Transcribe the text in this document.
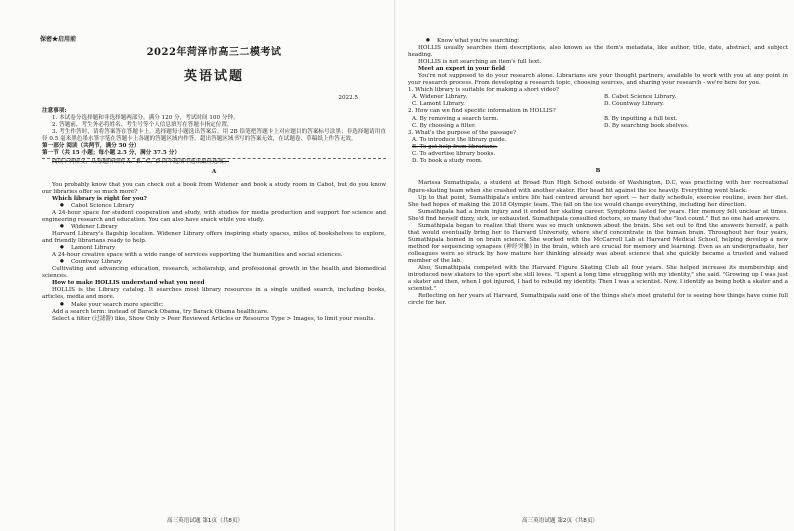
保密★启用前

2022年菏泽市高三二模考试

英语试题

2022.5

注意事项:

1. 本试卷分选择题和非选择题两部分。满分 120 分，考试时间 100 分钟。

2. 答题前，考生务必将姓名、考生号等个人信息填写在答题卡指定位置。

3. 考生作答时，请将答案答在答题卡上。选择题每小题选出答案后，用 2B 铅笔把答题卡上对应题目的答案标号涂黑；非选择题请用直径 0.5 毫米黑色墨水签字笔在答题卡上各题的答题区域内作答。超出答题区域书写的答案无效，在试题卷、草稿纸上作答无效。

第一部分 阅读（共两节，满分 50 分）

第一节（共 15 小题；每小题 2.5 分，满分 37.5 分）

阅读下列短文，从每题所给的 A、B、C、D 四个选项中选出最佳选项。

A

You probably know that you can check out a book from Widener and book a study room in Cabot, but do you know our libraries offer so much more?

Which library is right for you?

● Cabot Science Library

A 24-hour space for student cooperation and study, with studios for media production and support for science and engineering research and education. You can also have snack while you study.

● Widener Library

Harvard Library's flagship location. Widener Library offers inspiring study spaces, miles of bookshelves to explore, and friendly librarians ready to help.

● Lamont Library

A 24-hour creative space with a wide range of services supporting the humanities and social sciences.

● Countway Library

Cultivating and advancing education, research, scholarship, and professional growth in the health and biomedical sciences.

How to make HOLLIS understand what you need

HOLLIS is the Library catalog. It searches most library resources in a single unified search, including books, articles, media and more.

● Make your search more specific:

Add a search term: instead of Barack Obama, try Barack Obama healthcare.

Select a filter (过滤器) like, Show Only > Peer Reviewed Articles or Resource Type > Images, to limit your results.

高三英语试题 第1页（共8页）

● Know what you're searching:

HOLLIS usually searches item descriptions, also known as the item's metadata, like author, title, date, abstract, and subject heading.

HOLLIS is not searching an item's full text.

Meet an expert in your field

You're not supposed to do your research alone. Librarians are your thought partners, available to work with you at any point in your research process. From developing a research topic, choosing sources, and sharing your research - we're here for you.

1. Which library is suitable for making a short video?

A. Widener Library.	B. Cabot Science Library.
C. Lamont Library.	D. Countway Library.

2. How can we find specific information in HOLLIS?

A. By removing a search term.	B. By inputting a full text.
C. By choosing a filter.	D. By searching book shelves.

3. What's the purpose of the passage?

A. To introduce the library guide.

B. To get help from librarians.

C. To advertise library books.

D. To book a study room.

B

Marissa Sumathipala, a student at Broad Run High School outside of Washington, D.C, was practicing with her recreational figure-skating team when she crashed with another skater. Her head hit against the ice heavily. Everything went black.

Up to that point, Sumathipala's entire life had centred around her sport — her daily schedule, exercise routine, even her diet. She had hopes of making the 2018 Olympic team. The fall on the ice would change everything, including her direction.

Sumathipala had a brain injury and it ended her skating career. Symptoms lasted for years. Her memory felt unclear at times. She'd find herself dizzy, sick, or exhausted. Sumathipala consulted doctors, so many that she "lost count." But no one had answers.

Sumathipala began to realize that there was so much unknown about the brain. She set out to find the answers herself, a path that would eventually bring her to Harvard University, where she'd concentrate in the human brain. Throughout her four years, Sumathipala homed in on brain science. She worked with the McCarroll Lab at Harvard Medical School, helping develop a new method for sequencing synapses (神经突触) in the brain, which are crucial for memory and learning. Even as an undergraduate, her colleagues were so struck by how mature her thinking already was about science that she quickly became a trusted and valued member of the lab.

Also, Sumathipala competed with the Harvard Figure Skating Club all four years. She helped increase its membership and introduced new skaters to the sport she still loves. "I spent a long time struggling with my identity," she said. "Growing up I was just a skater and then, when I got injured, I had to rebuild my identity. Then I was a scientist. Now, I identify as being both a skater and a scientist."

Reflecting on her years at Harvard, Sumathipala said one of the things she's most grateful for is seeing how things have come full circle for her.

高三英语试题 第2页（共8页）
